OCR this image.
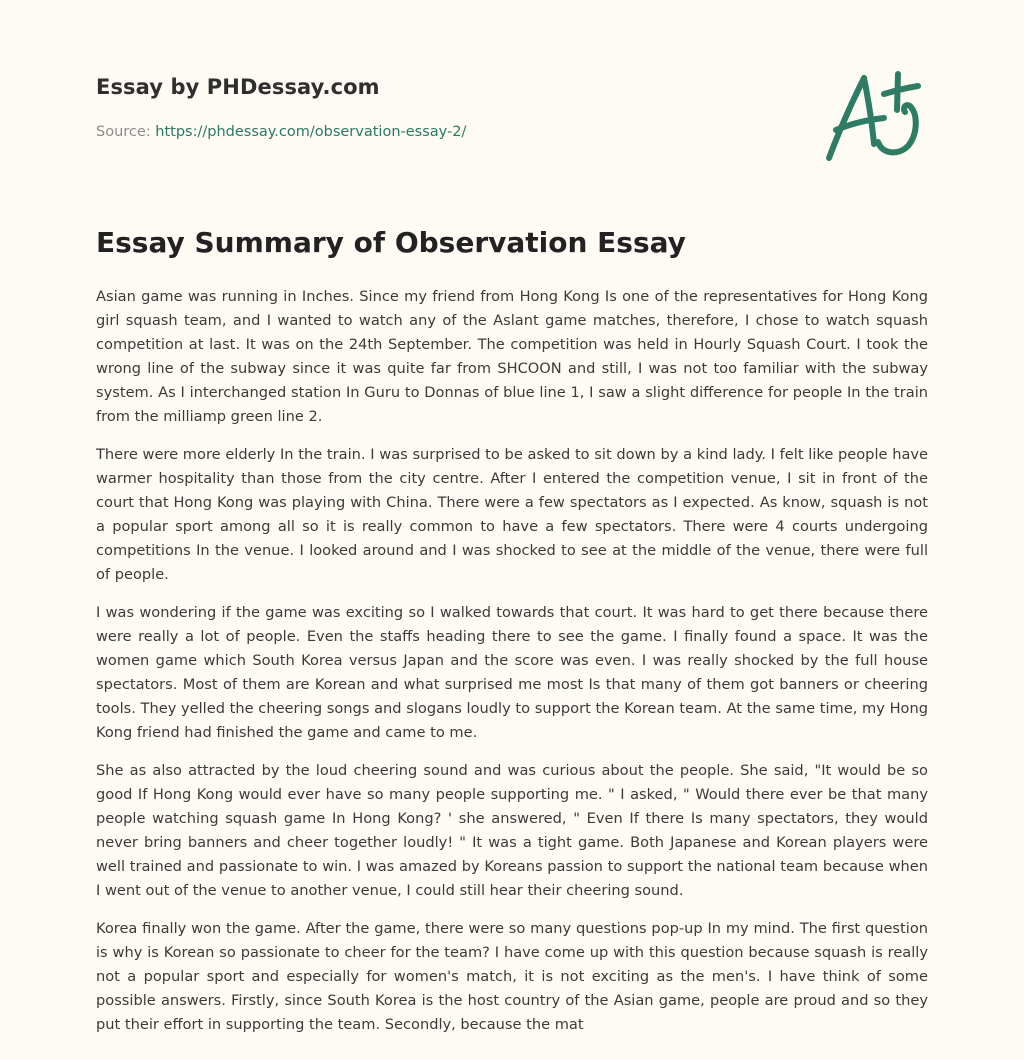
Essay by PHDessay.com

Source: https://phdessay.com/observation-essay-2/

Essay Summary of Observation Essay

Asian game was running in Inches. Since my friend from Hong Kong Is one of the representatives for Hong Kong girl squash team, and I wanted to watch any of the Aslant game matches, therefore, I chose to watch squash competition at last. It was on the 24th September. The competition was held in Hourly Squash Court. I took the wrong line of the subway since it was quite far from SHCOON and still, I was not too familiar with the subway system. As I interchanged station In Guru to Donnas of blue line 1, I saw a slight difference for people In the train from the milliamp green line 2.

There were more elderly In the train. I was surprised to be asked to sit down by a kind lady. I felt like people have warmer hospitality than those from the city centre. After I entered the competition venue, I sit in front of the court that Hong Kong was playing with China. There were a few spectators as I expected. As know, squash is not a popular sport among all so it is really common to have a few spectators. There were 4 courts undergoing competitions In the venue. I looked around and I was shocked to see at the middle of the venue, there were full of people.

I was wondering if the game was exciting so I walked towards that court. It was hard to get there because there were really a lot of people. Even the staffs heading there to see the game. I finally found a space. It was the women game which South Korea versus Japan and the score was even. I was really shocked by the full house spectators. Most of them are Korean and what surprised me most Is that many of them got banners or cheering tools. They yelled the cheering songs and slogans loudly to support the Korean team. At the same time, my Hong Kong friend had finished the game and came to me.

She as also attracted by the loud cheering sound and was curious about the people. She said, "It would be so good If Hong Kong would ever have so many people supporting me. " I asked, " Would there ever be that many people watching squash game In Hong Kong? ' she answered, " Even If there Is many spectators, they would never bring banners and cheer together loudly! " It was a tight game. Both Japanese and Korean players were well trained and passionate to win. I was amazed by Koreans passion to support the national team because when I went out of the venue to another venue, I could still hear their cheering sound.

Korea finally won the game. After the game, there were so many questions pop-up In my mind. The first question is why is Korean so passionate to cheer for the team? I have come up with this question because squash is really not a popular sport and especially for women's match, it is not exciting as the men's. I have think of some possible answers. Firstly, since South Korea is the host country of the Asian game, people are proud and so they put their effort in supporting the team. Secondly, because the mat
